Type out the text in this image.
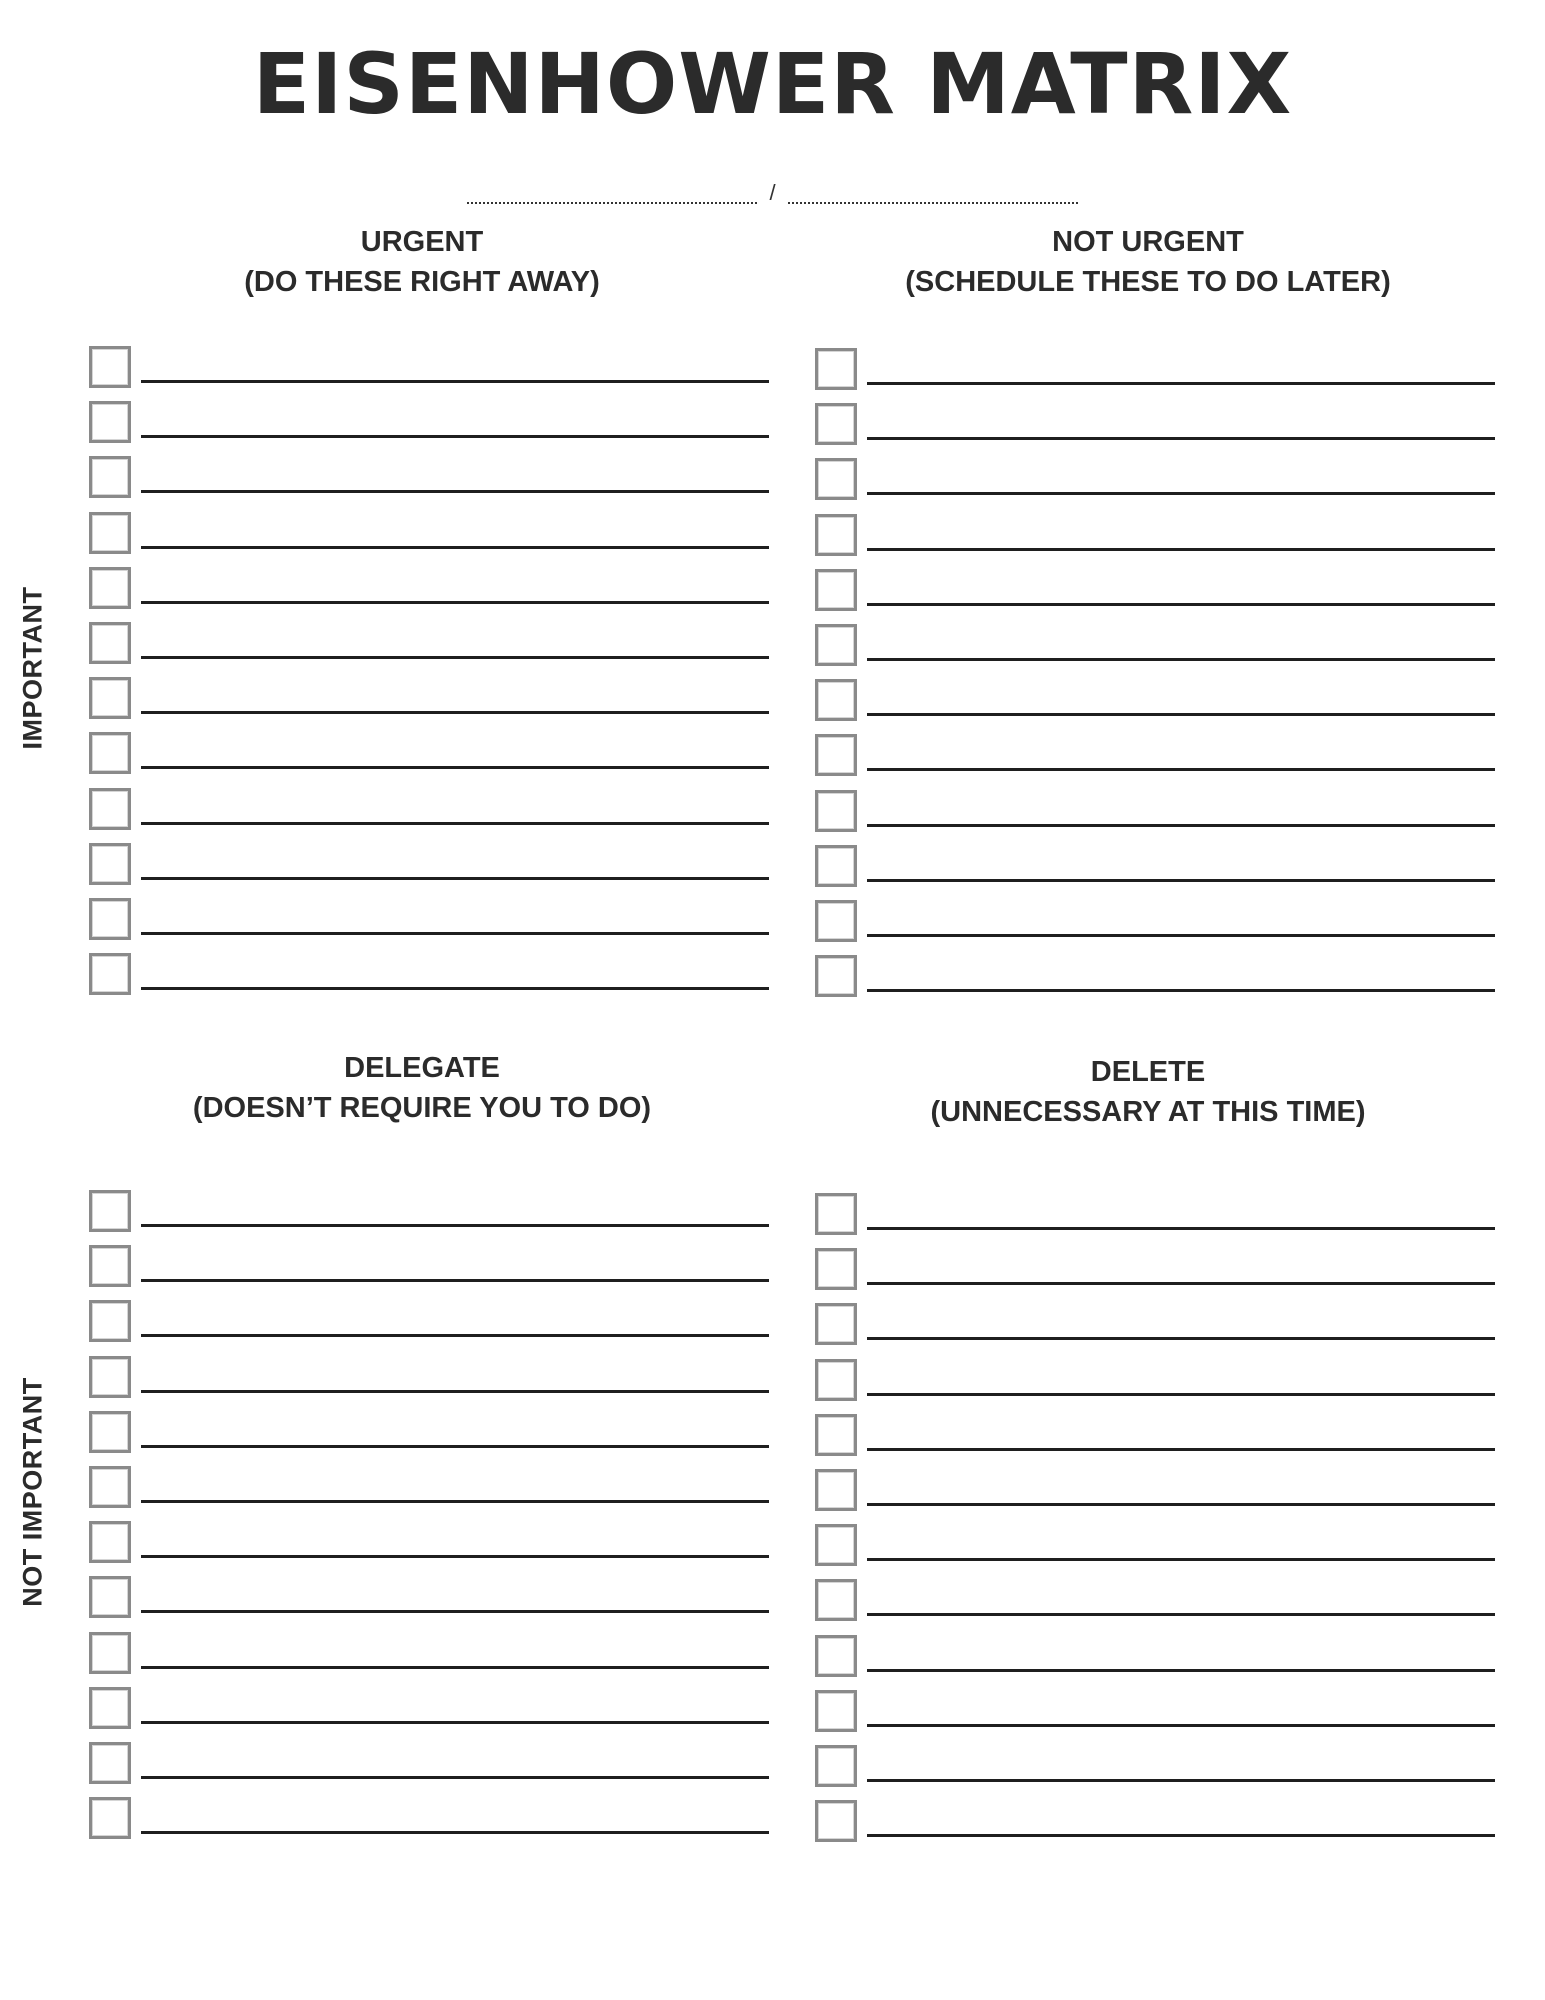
EISENHOWER MATRIX
/
URGENT
(DO THESE RIGHT AWAY)
NOT URGENT
(SCHEDULE THESE TO DO LATER)
DELEGATE
(DOESN’T REQUIRE YOU TO DO)
DELETE
(UNNECESSARY AT THIS TIME)
IMPORTANT
NOT IMPORTANT
